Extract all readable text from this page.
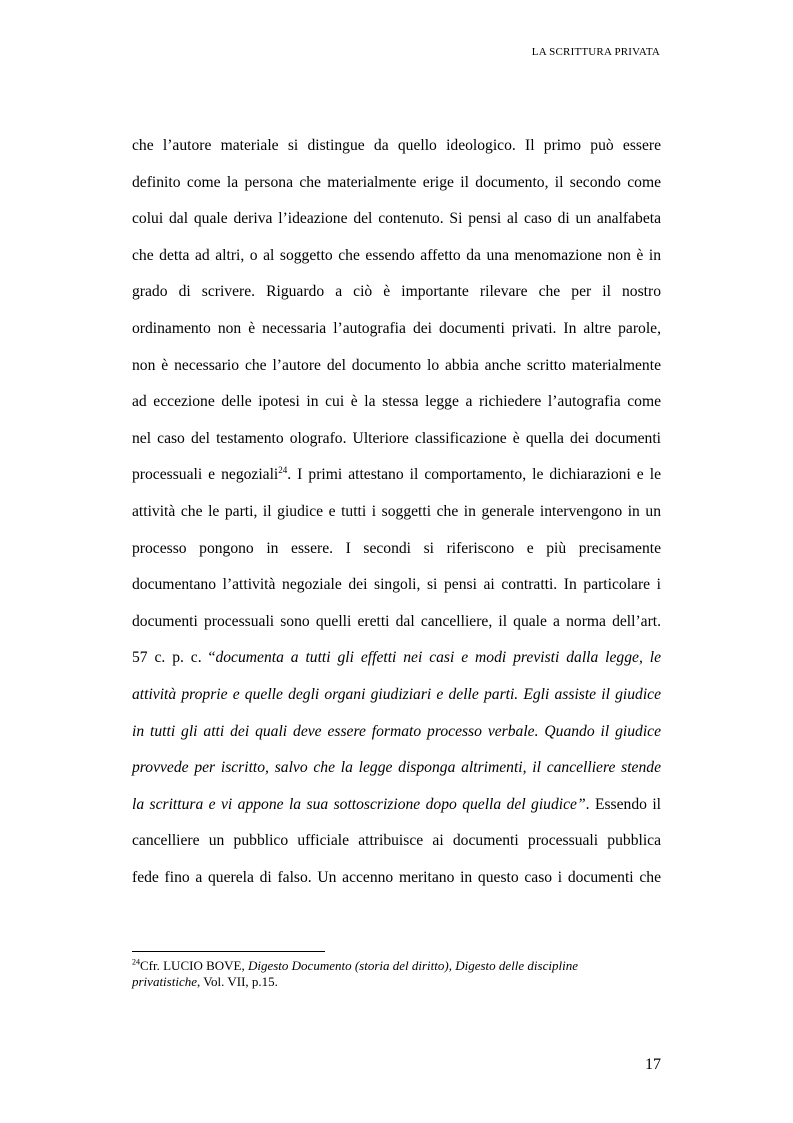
LA SCRITTURA PRIVATA
che l’autore materiale si distingue da quello ideologico. Il primo può essere
definito come la persona che materialmente erige il documento, il secondo come
colui dal quale deriva l’ideazione del contenuto. Si pensi al caso di un analfabeta
che detta ad altri, o al soggetto che essendo affetto da una menomazione non è in
grado di scrivere. Riguardo a ciò è importante rilevare che per il nostro
ordinamento non è necessaria l’autografia dei documenti privati. In altre parole,
non è necessario che l’autore del documento lo abbia anche scritto materialmente
ad eccezione delle ipotesi in cui è la stessa legge a richiedere l’autografia come
nel caso del testamento olografo. Ulteriore classificazione è quella dei documenti
processuali e negoziali$^{24}$. I primi attestano il comportamento, le dichiarazioni e le
attività che le parti, il giudice e tutti i soggetti che in generale intervengono in un
processo pongono in essere. I secondi si riferiscono e più precisamente
documentano l’attività negoziale dei singoli, si pensi ai contratti. In particolare i
documenti processuali sono quelli eretti dal cancelliere, il quale a norma dell’art.
57 c. p. c. “documenta a tutti gli effetti nei casi e modi previsti dalla legge, le
attività proprie e quelle degli organi giudiziari e delle parti. Egli assiste il giudice
in tutti gli atti dei quali deve essere formato processo verbale. Quando il giudice
provvede per iscritto, salvo che la legge disponga altrimenti, il cancelliere stende
la scrittura e vi appone la sua sottoscrizione dopo quella del giudice”. Essendo il
cancelliere un pubblico ufficiale attribuisce ai documenti processuali pubblica
fede fino a querela di falso. Un accenno meritano in questo caso i documenti che
$^{24}$Cfr. LUCIO BOVE, Digesto Documento (storia del diritto), Digesto delle discipline
privatistiche, Vol. VII, p.15.
17
